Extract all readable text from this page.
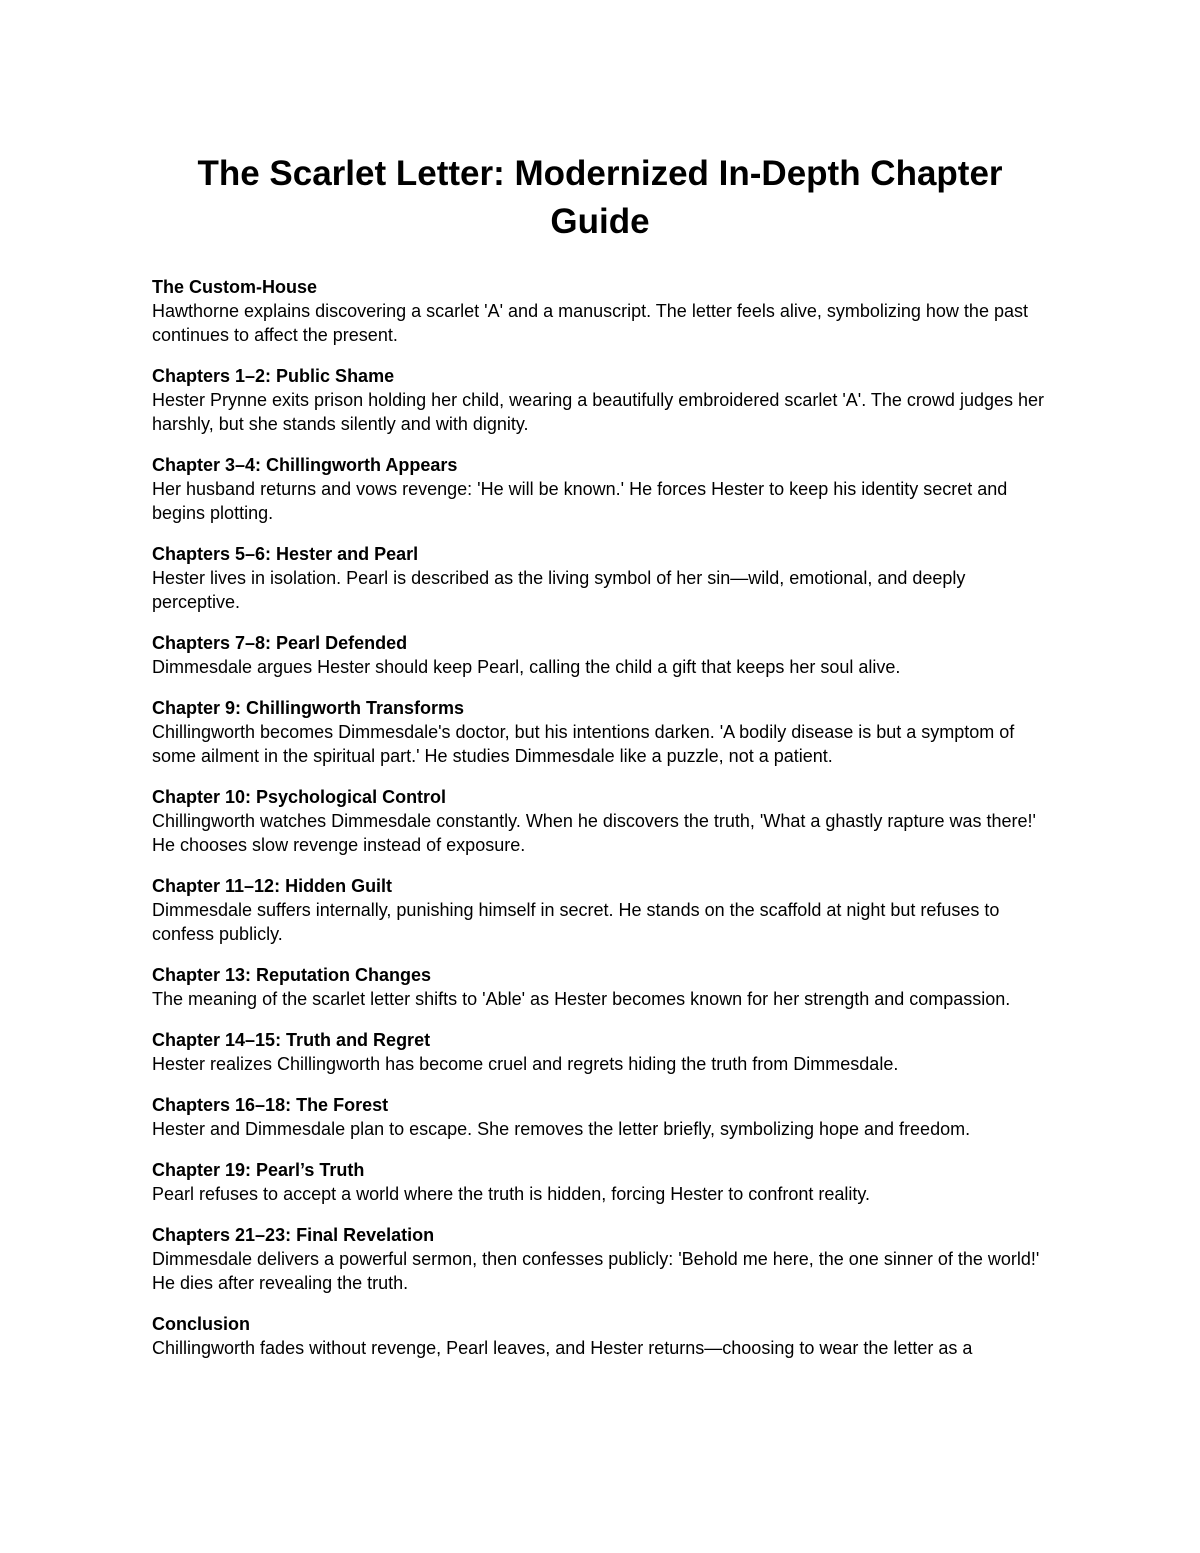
The Scarlet Letter: Modernized In-Depth Chapter Guide

The Custom-House

Hawthorne explains discovering a scarlet 'A' and a manuscript. The letter feels alive, symbolizing how the past continues to affect the present.

Chapters 1–2: Public Shame

Hester Prynne exits prison holding her child, wearing a beautifully embroidered scarlet 'A'. The crowd judges her harshly, but she stands silently and with dignity.

Chapter 3–4: Chillingworth Appears

Her husband returns and vows revenge: 'He will be known.' He forces Hester to keep his identity secret and begins plotting.

Chapters 5–6: Hester and Pearl

Hester lives in isolation. Pearl is described as the living symbol of her sin—wild, emotional, and deeply perceptive.

Chapters 7–8: Pearl Defended

Dimmesdale argues Hester should keep Pearl, calling the child a gift that keeps her soul alive.

Chapter 9: Chillingworth Transforms

Chillingworth becomes Dimmesdale's doctor, but his intentions darken. 'A bodily disease is but a symptom of some ailment in the spiritual part.' He studies Dimmesdale like a puzzle, not a patient.

Chapter 10: Psychological Control

Chillingworth watches Dimmesdale constantly. When he discovers the truth, 'What a ghastly rapture was there!' He chooses slow revenge instead of exposure.

Chapter 11–12: Hidden Guilt

Dimmesdale suffers internally, punishing himself in secret. He stands on the scaffold at night but refuses to confess publicly.

Chapter 13: Reputation Changes

The meaning of the scarlet letter shifts to 'Able' as Hester becomes known for her strength and compassion.

Chapter 14–15: Truth and Regret

Hester realizes Chillingworth has become cruel and regrets hiding the truth from Dimmesdale.

Chapters 16–18: The Forest

Hester and Dimmesdale plan to escape. She removes the letter briefly, symbolizing hope and freedom.

Chapter 19: Pearl’s Truth

Pearl refuses to accept a world where the truth is hidden, forcing Hester to confront reality.

Chapters 21–23: Final Revelation

Dimmesdale delivers a powerful sermon, then confesses publicly: 'Behold me here, the one sinner of the world!' He dies after revealing the truth.

Conclusion

Chillingworth fades without revenge, Pearl leaves, and Hester returns—choosing to wear the letter as a
